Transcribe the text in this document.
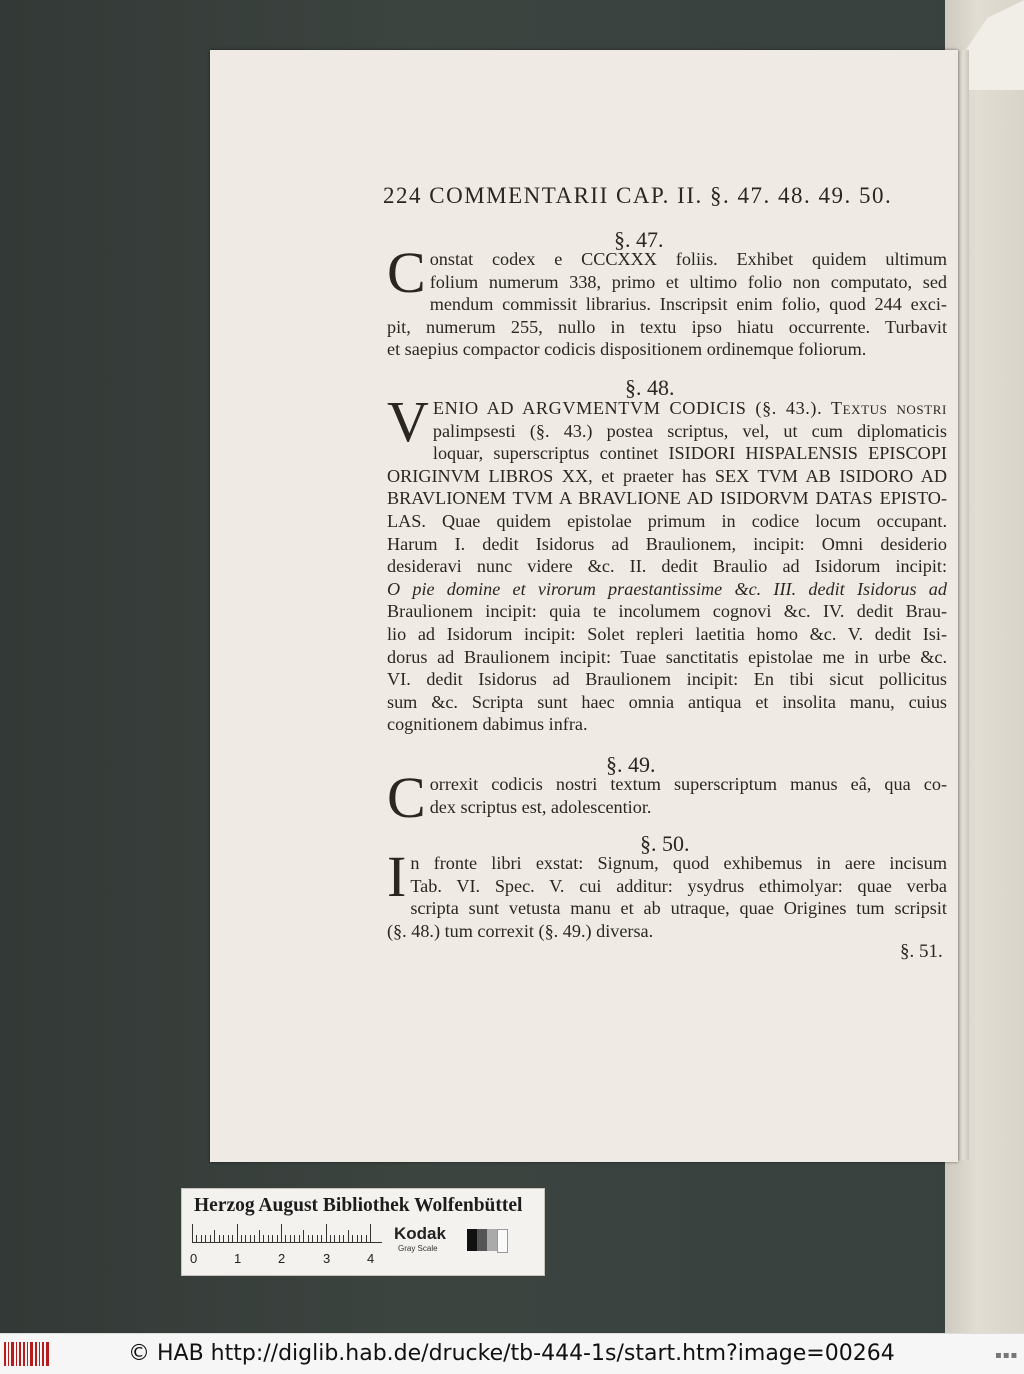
224 COMMENTARII CAP. II. §. 47. 48. 49. 50.
§. 47.
C onstat codex e CCCXXX foliis. Exhibet quidem ultimum
folium numerum 338, primo et ultimo folio non computato, sed
mendum commissit librarius. Inscripsit enim folio, quod 244 exci-
pit, numerum 255, nullo in textu ipso hiatu occurrente. Turbavit
et saepius compactor codicis dispositionem ordinemque foliorum.
§. 48.
V ENIO AD ARGVMENTVM CODICIS (§. 43.). Textus nostri
palimpsesti (§. 43.) postea scriptus, vel, ut cum diplomaticis
loquar, superscriptus continet ISIDORI HISPALENSIS EPISCOPI
ORIGINVM LIBROS XX, et praeter has SEX TVM AB ISIDORO AD
BRAVLIONEM TVM A BRAVLIONE AD ISIDORVM DATAS EPISTO-
LAS. Quae quidem epistolae primum in codice locum occupant.
Harum I. dedit Isidorus ad Braulionem, incipit: Omni desiderio
desideravi nunc videre &c. II. dedit Braulio ad Isidorum incipit:
O pie domine et virorum praestantissime &c. III. dedit Isidorus ad
Braulionem incipit: quia te incolumem cognovi &c. IV. dedit Brau-
lio ad Isidorum incipit: Solet repleri laetitia homo &c. V. dedit Isi-
dorus ad Braulionem incipit: Tuae sanctitatis epistolae me in urbe &c.
VI. dedit Isidorus ad Braulionem incipit: En tibi sicut pollicitus
sum &c. Scripta sunt haec omnia antiqua et insolita manu, cuius
cognitionem dabimus infra.
§. 49.
C orrexit codicis nostri textum superscriptum manus eâ, qua co-
dex scriptus est, adolescentior.
§. 50.
I n fronte libri exstat: Signum, quod exhibemus in aere incisum
Tab. VI. Spec. V. cui additur: ysydrus ethimolyar: quae verba
scripta sunt vetusta manu et ab utraque, quae Origines tum scripsit
(§. 48.) tum correxit (§. 49.) diversa.
§. 51.
Herzog August Bibliothek Wolfenbüttel
0	1	2	3	4
Kodak
Gray Scale
© HAB http://diglib.hab.de/drucke/tb-444-1s/start.htm?image=00264	▪▪▪
